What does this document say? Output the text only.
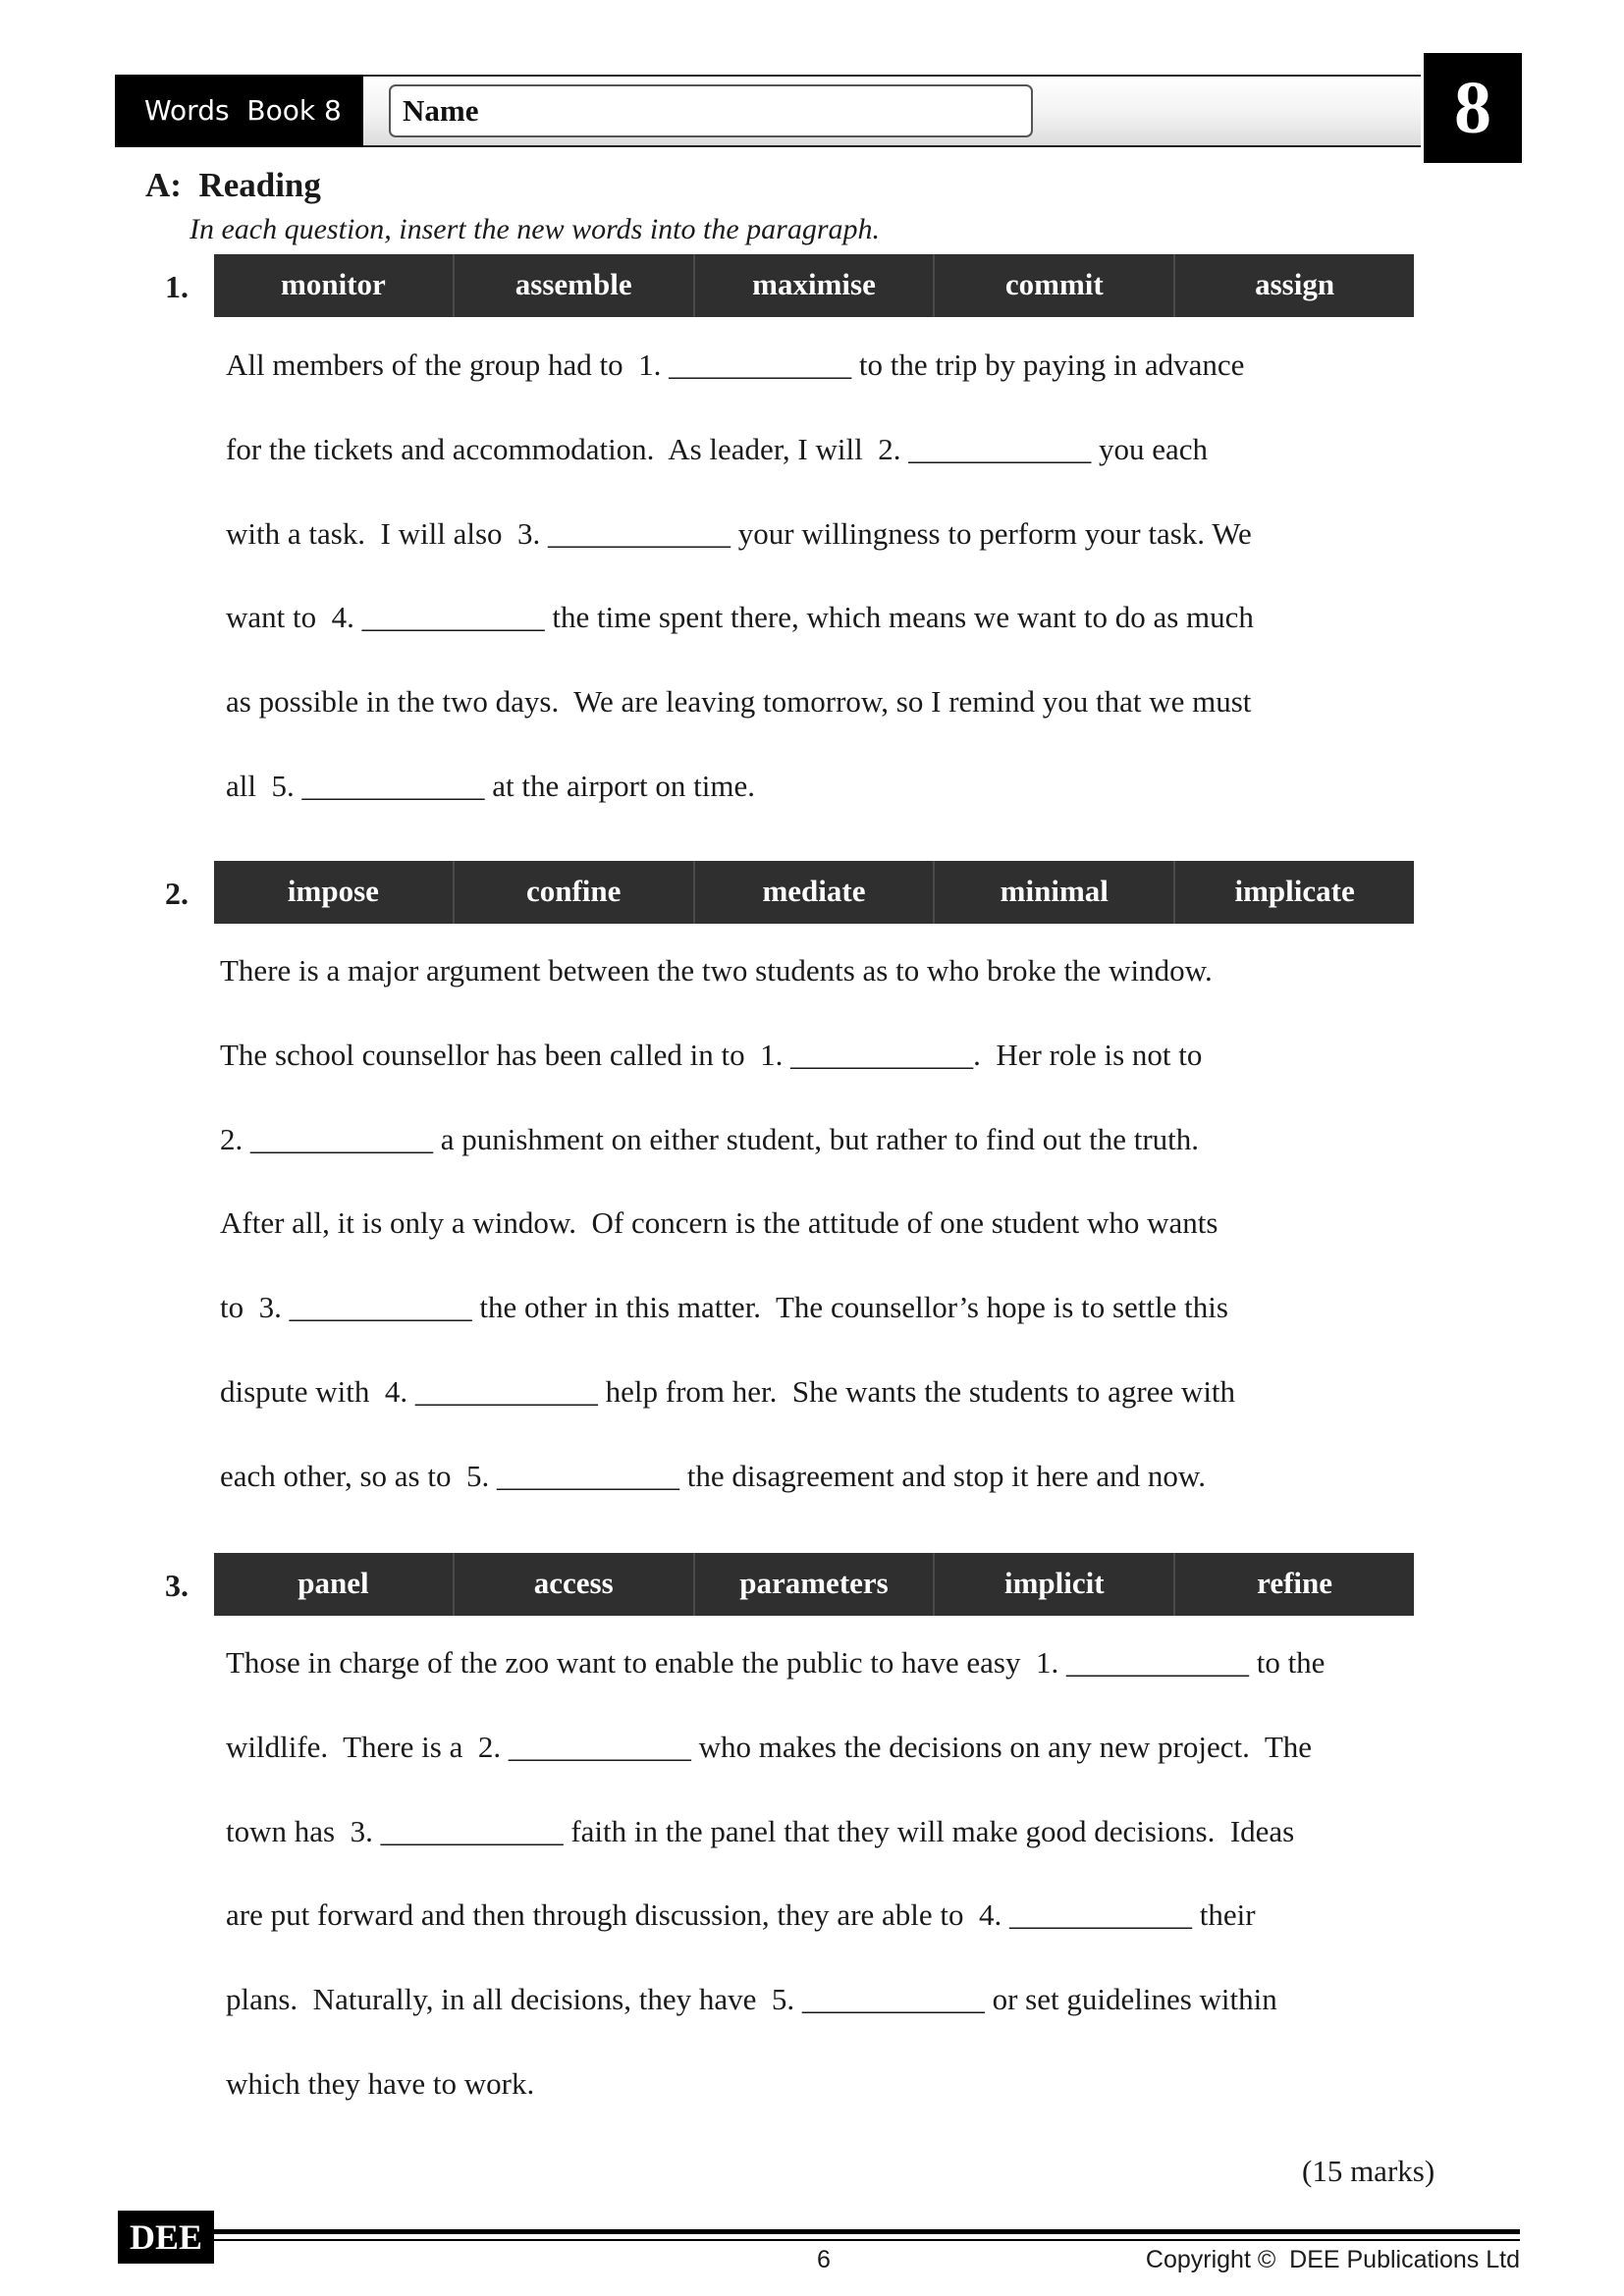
Words  Book 8	Name	8
A:  Reading
In each question, insert the new words into the paragraph.
1.	monitor	assemble	maximise	commit	assign
All members of the group had to  1. ____________ to the trip by paying in advance
for the tickets and accommodation.  As leader, I will  2. ____________ you each
with a task.  I will also  3. ____________ your willingness to perform your task. We
want to  4. ____________ the time spent there, which means we want to do as much
as possible in the two days.  We are leaving tomorrow, so I remind you that we must
all  5. ____________ at the airport on time.
2.	impose	confine	mediate	minimal	implicate
There is a major argument between the two students as to who broke the window.
The school counsellor has been called in to  1. ____________.  Her role is not to
2. ____________ a punishment on either student, but rather to find out the truth.
After all, it is only a window.  Of concern is the attitude of one student who wants
to  3. ____________ the other in this matter.  The counsellor’s hope is to settle this
dispute with  4. ____________ help from her.  She wants the students to agree with
each other, so as to  5. ____________ the disagreement and stop it here and now.
3.	panel	access	parameters	implicit	refine
Those in charge of the zoo want to enable the public to have easy  1. ____________ to the
wildlife.  There is a  2. ____________ who makes the decisions on any new project.  The
town has  3. ____________ faith in the panel that they will make good decisions.  Ideas
are put forward and then through discussion, they are able to  4. ____________ their
plans.  Naturally, in all decisions, they have  5. ____________ or set guidelines within
which they have to work.
(15 marks)
DEE
6	Copyright ©  DEE Publications Ltd
